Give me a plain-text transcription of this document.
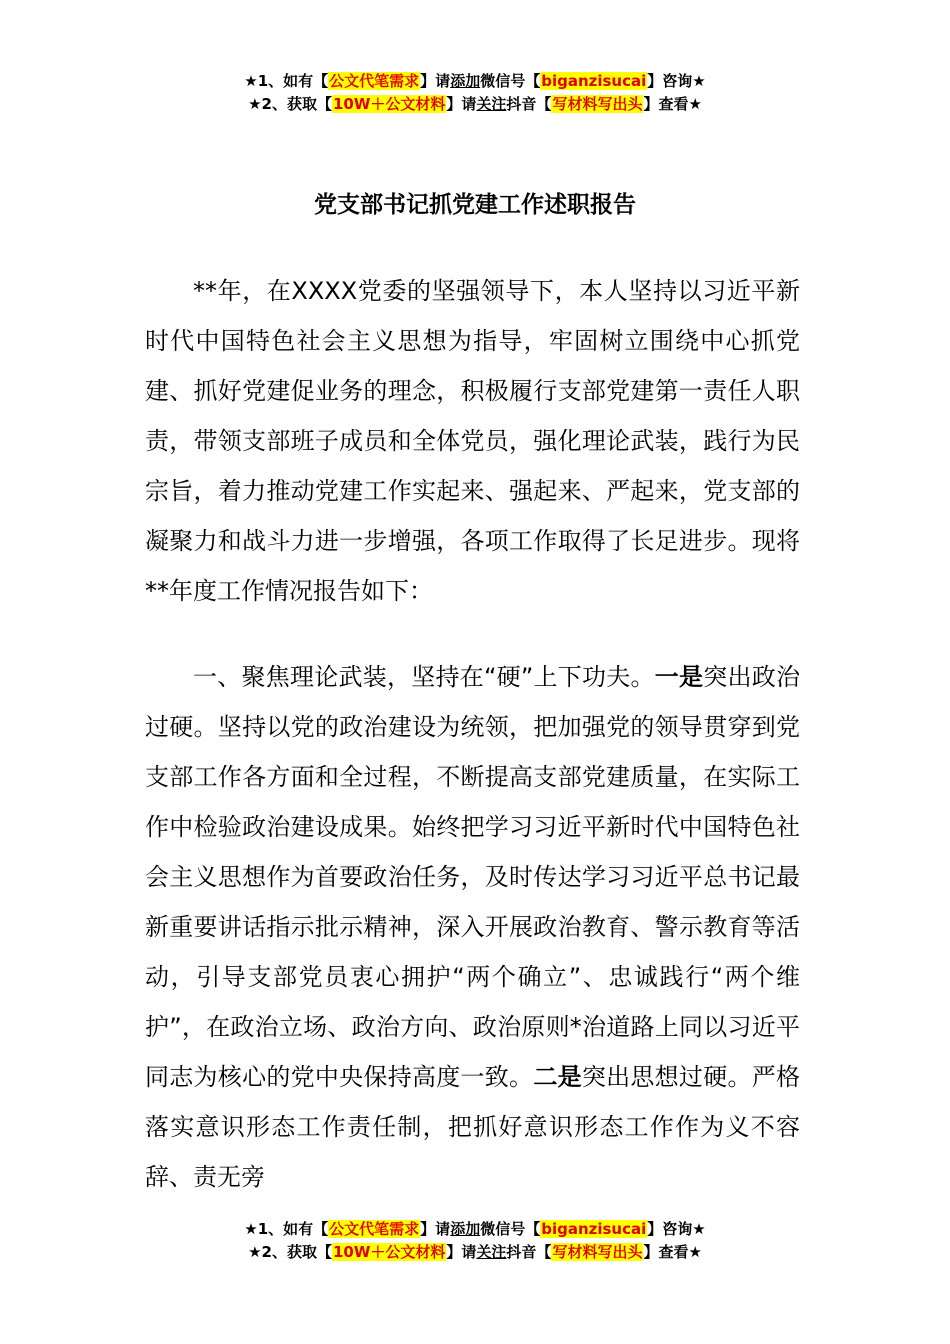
★1、如有【公文代笔需求】请添加微信号【biganzisucai】咨询★
★2、获取【10W＋公文材料】请关注抖音【写材料写出头】查看★
党支部书记抓党建工作述职报告
**年，在XXXX党委的坚强领导下，本人坚持以习近平新时代中国特色社会主义思想为指导，牢固树立围绕中心抓党建、抓好党建促业务的理念，积极履行支部党建第一责任人职责，带领支部班子成员和全体党员，强化理论武装，践行为民宗旨，着力推动党建工作实起来、强起来、严起来，党支部的凝聚力和战斗力进一步增强，各项工作取得了长足进步。现将**年度工作情况报告如下：
一、聚焦理论武装，坚持在“硬”上下功夫。一是突出政治过硬。坚持以党的政治建设为统领，把加强党的领导贯穿到党支部工作各方面和全过程，不断提高支部党建质量，在实际工作中检验政治建设成果。始终把学习习近平新时代中国特色社会主义思想作为首要政治任务，及时传达学习习近平总书记最新重要讲话指示批示精神，深入开展政治教育、警示教育等活动，引导支部党员衷心拥护“两个确立”、忠诚践行“两个维护”，在政治立场、政治方向、政治原则*治道路上同以习近平同志为核心的党中央保持高度一致。二是突出思想过硬。严格落实意识形态工作责任制，把抓好意识形态工作作为义不容辞、责无旁
★1、如有【公文代笔需求】请添加微信号【biganzisucai】咨询★
★2、获取【10W＋公文材料】请关注抖音【写材料写出头】查看★
